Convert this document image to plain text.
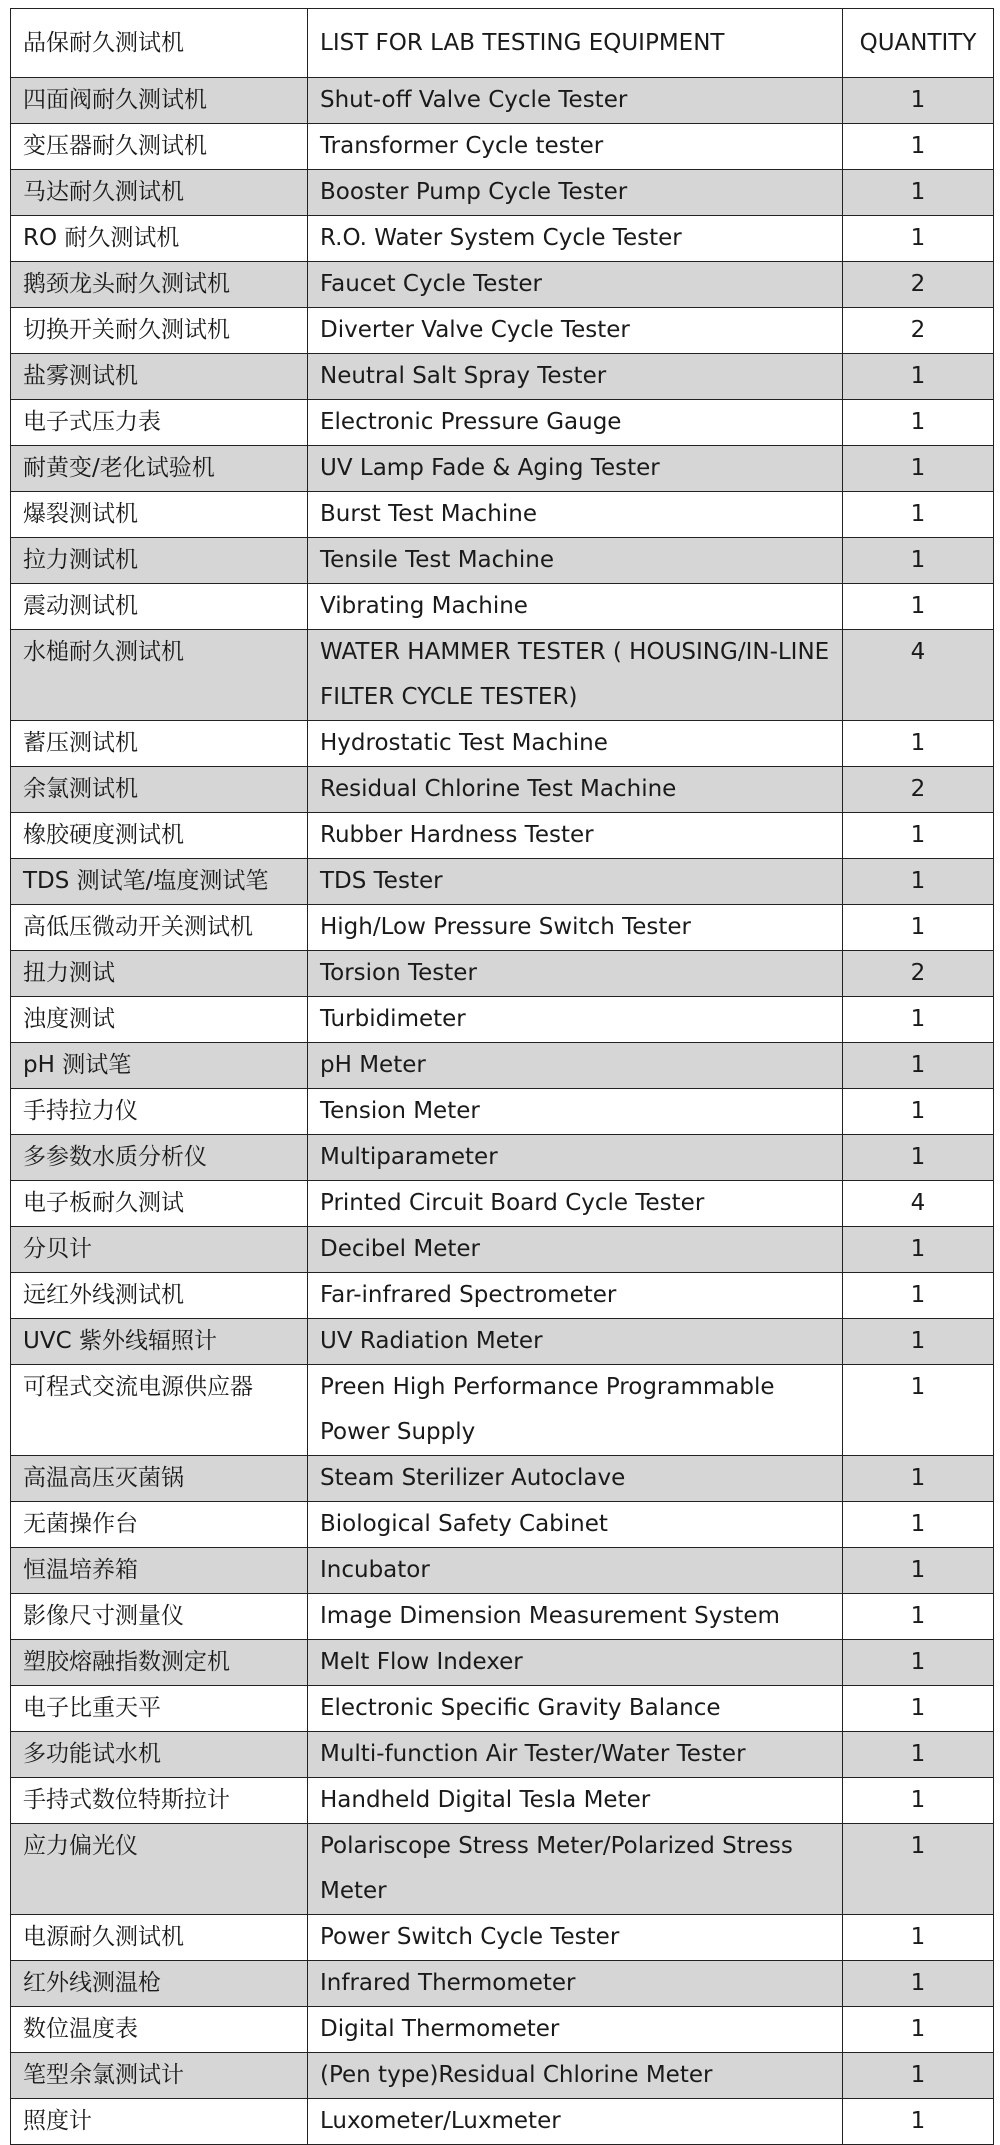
品保耐久测试机	LIST FOR LAB TESTING EQUIPMENT	QUANTITY
四面阀耐久测试机	Shut-off Valve Cycle Tester	1
变压器耐久测试机	Transformer Cycle tester	1
马达耐久测试机	Booster Pump Cycle Tester	1
RO 耐久测试机	R.O. Water System Cycle Tester	1
鹅颈龙头耐久测试机	Faucet Cycle Tester	2
切换开关耐久测试机	Diverter Valve Cycle Tester	2
盐雾测试机	Neutral Salt Spray Tester	1
电子式压力表	Electronic Pressure Gauge	1
耐黄变/老化试验机	UV Lamp Fade & Aging Tester	1
爆裂测试机	Burst Test Machine	1
拉力测试机	Tensile Test Machine	1
震动测试机	Vibrating Machine	1
水槌耐久测试机	WATER HAMMER TESTER ( HOUSING/IN-LINE FILTER CYCLE TESTER)	4
蓄压测试机	Hydrostatic Test Machine	1
余氯测试机	Residual Chlorine Test Machine	2
橡胶硬度测试机	Rubber Hardness Tester	1
TDS 测试笔/塩度测试笔	TDS Tester	1
高低压微动开关测试机	High/Low Pressure Switch Tester	1
扭力测试	Torsion Tester	2
浊度测试	Turbidimeter	1
pH 测试笔	pH Meter	1
手持拉力仪	Tension Meter	1
多参数水质分析仪	Multiparameter	1
电子板耐久测试	Printed Circuit Board Cycle Tester	4
分贝计	Decibel Meter	1
远红外线测试机	Far-infrared Spectrometer	1
UVC 紫外线辐照计	UV Radiation Meter	1
可程式交流电源供应器	Preen High Performance Programmable Power Supply	1
高温高压灭菌锅	Steam Sterilizer Autoclave	1
无菌操作台	Biological Safety Cabinet	1
恒温培养箱	Incubator	1
影像尺寸测量仪	Image Dimension Measurement System	1
塑胶熔融指数测定机	Melt Flow Indexer	1
电子比重天平	Electronic Specific Gravity Balance	1
多功能试水机	Multi-function Air Tester/Water Tester	1
手持式数位特斯拉计	Handheld Digital Tesla Meter	1
应力偏光仪	Polariscope Stress Meter/Polarized Stress Meter	1
电源耐久测试机	Power Switch Cycle Tester	1
红外线测温枪	Infrared Thermometer	1
数位温度表	Digital Thermometer	1
笔型余氯测试计	(Pen type)Residual Chlorine Meter	1
照度计	Luxometer/Luxmeter	1
